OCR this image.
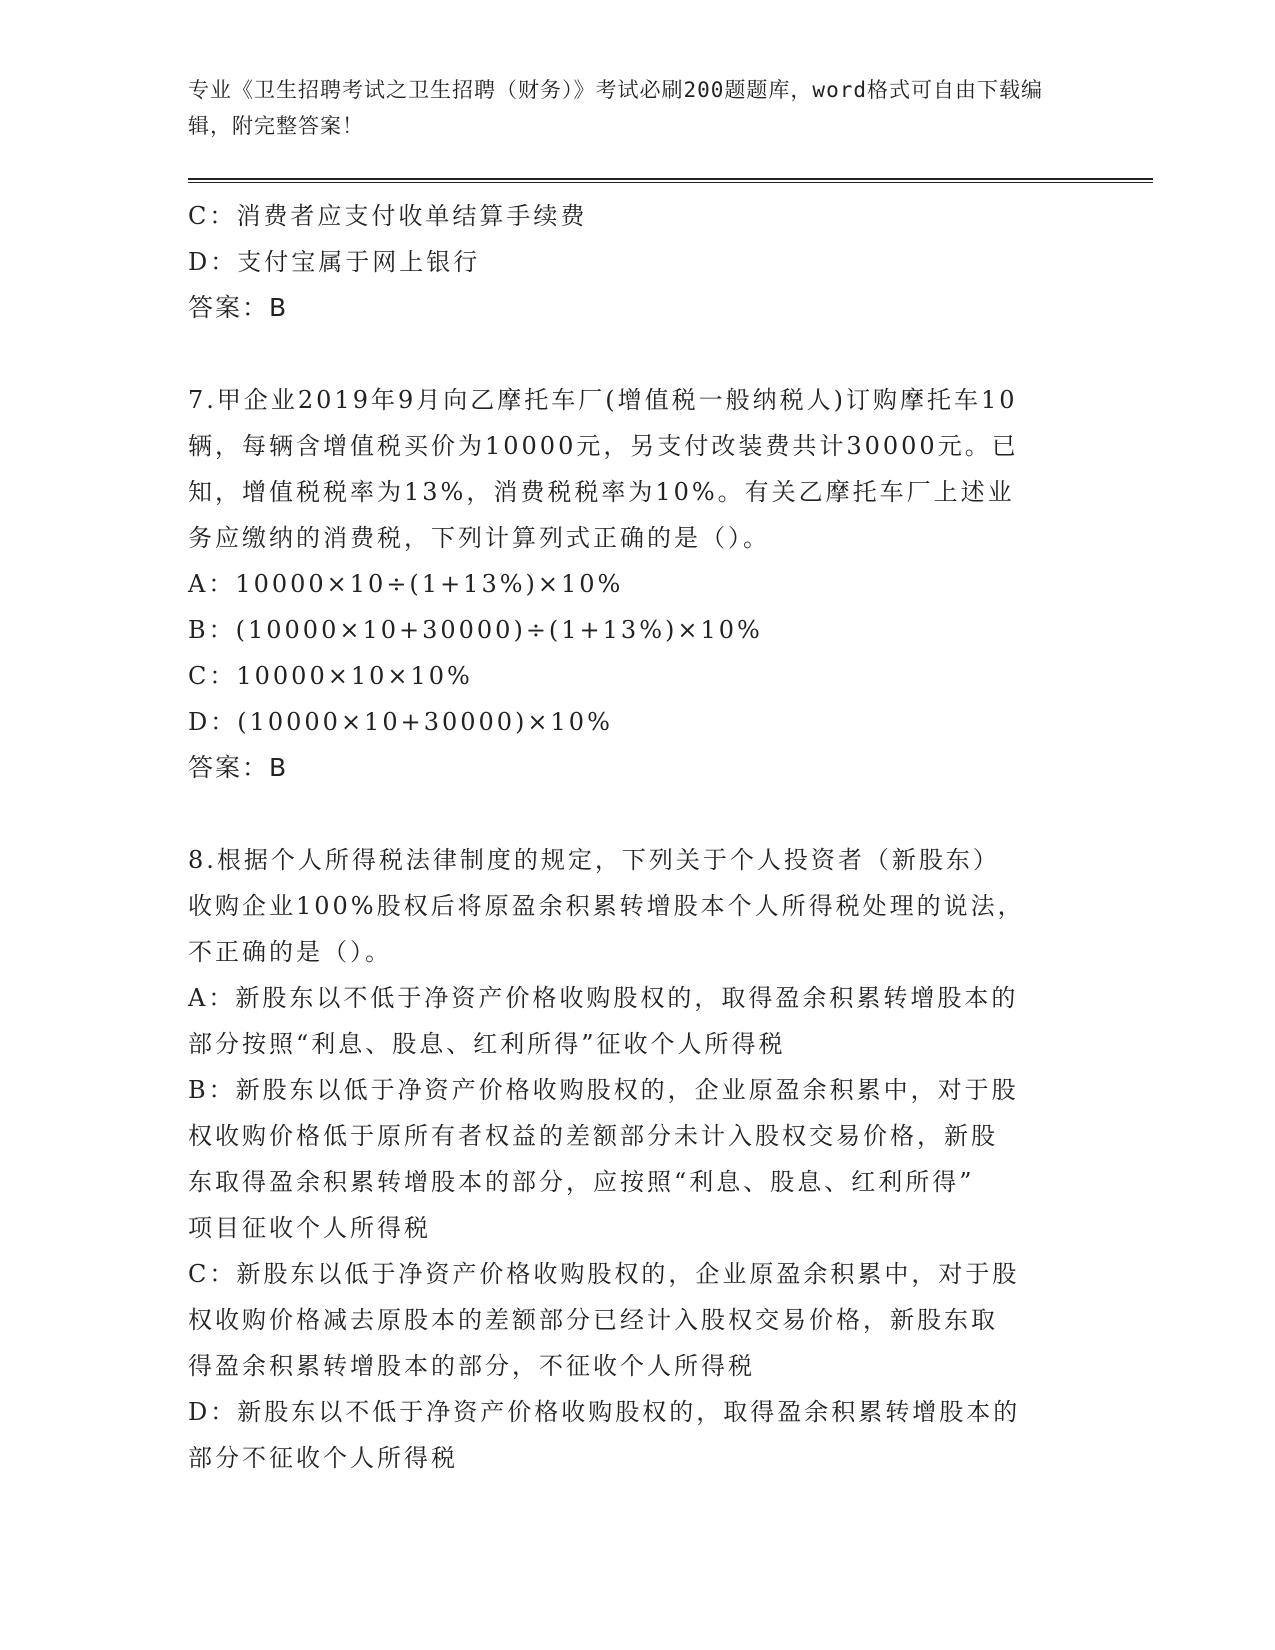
专业《卫生招聘考试之卫生招聘（财务）》考试必刷200题题库，word格式可自由下载编辑，附完整答案！
C：消费者应支付收单结算手续费
D：支付宝属于网上银行
答案：B
7.甲企业2019年9月向乙摩托车厂(增值税一般纳税人)订购摩托车10
辆，每辆含增值税买价为10000元，另支付改装费共计30000元。已
知，增值税税率为13%，消费税税率为10%。有关乙摩托车厂上述业
务应缴纳的消费税，下列计算列式正确的是（）。
A：10000×10÷(1+13%)×10%
B：(10000×10+30000)÷(1+13%)×10%
C：10000×10×10%
D：(10000×10+30000)×10%
答案：B
8.根据个人所得税法律制度的规定，下列关于个人投资者（新股东）
收购企业100%股权后将原盈余积累转增股本个人所得税处理的说法，
不正确的是（）。
A：新股东以不低于净资产价格收购股权的，取得盈余积累转增股本的
部分按照“利息、股息、红利所得”征收个人所得税
B：新股东以低于净资产价格收购股权的，企业原盈余积累中，对于股
权收购价格低于原所有者权益的差额部分未计入股权交易价格，新股
东取得盈余积累转增股本的部分，应按照“利息、股息、红利所得”
项目征收个人所得税
C：新股东以低于净资产价格收购股权的，企业原盈余积累中，对于股
权收购价格减去原股本的差额部分已经计入股权交易价格，新股东取
得盈余积累转增股本的部分，不征收个人所得税
D：新股东以不低于净资产价格收购股权的，取得盈余积累转增股本的
部分不征收个人所得税
